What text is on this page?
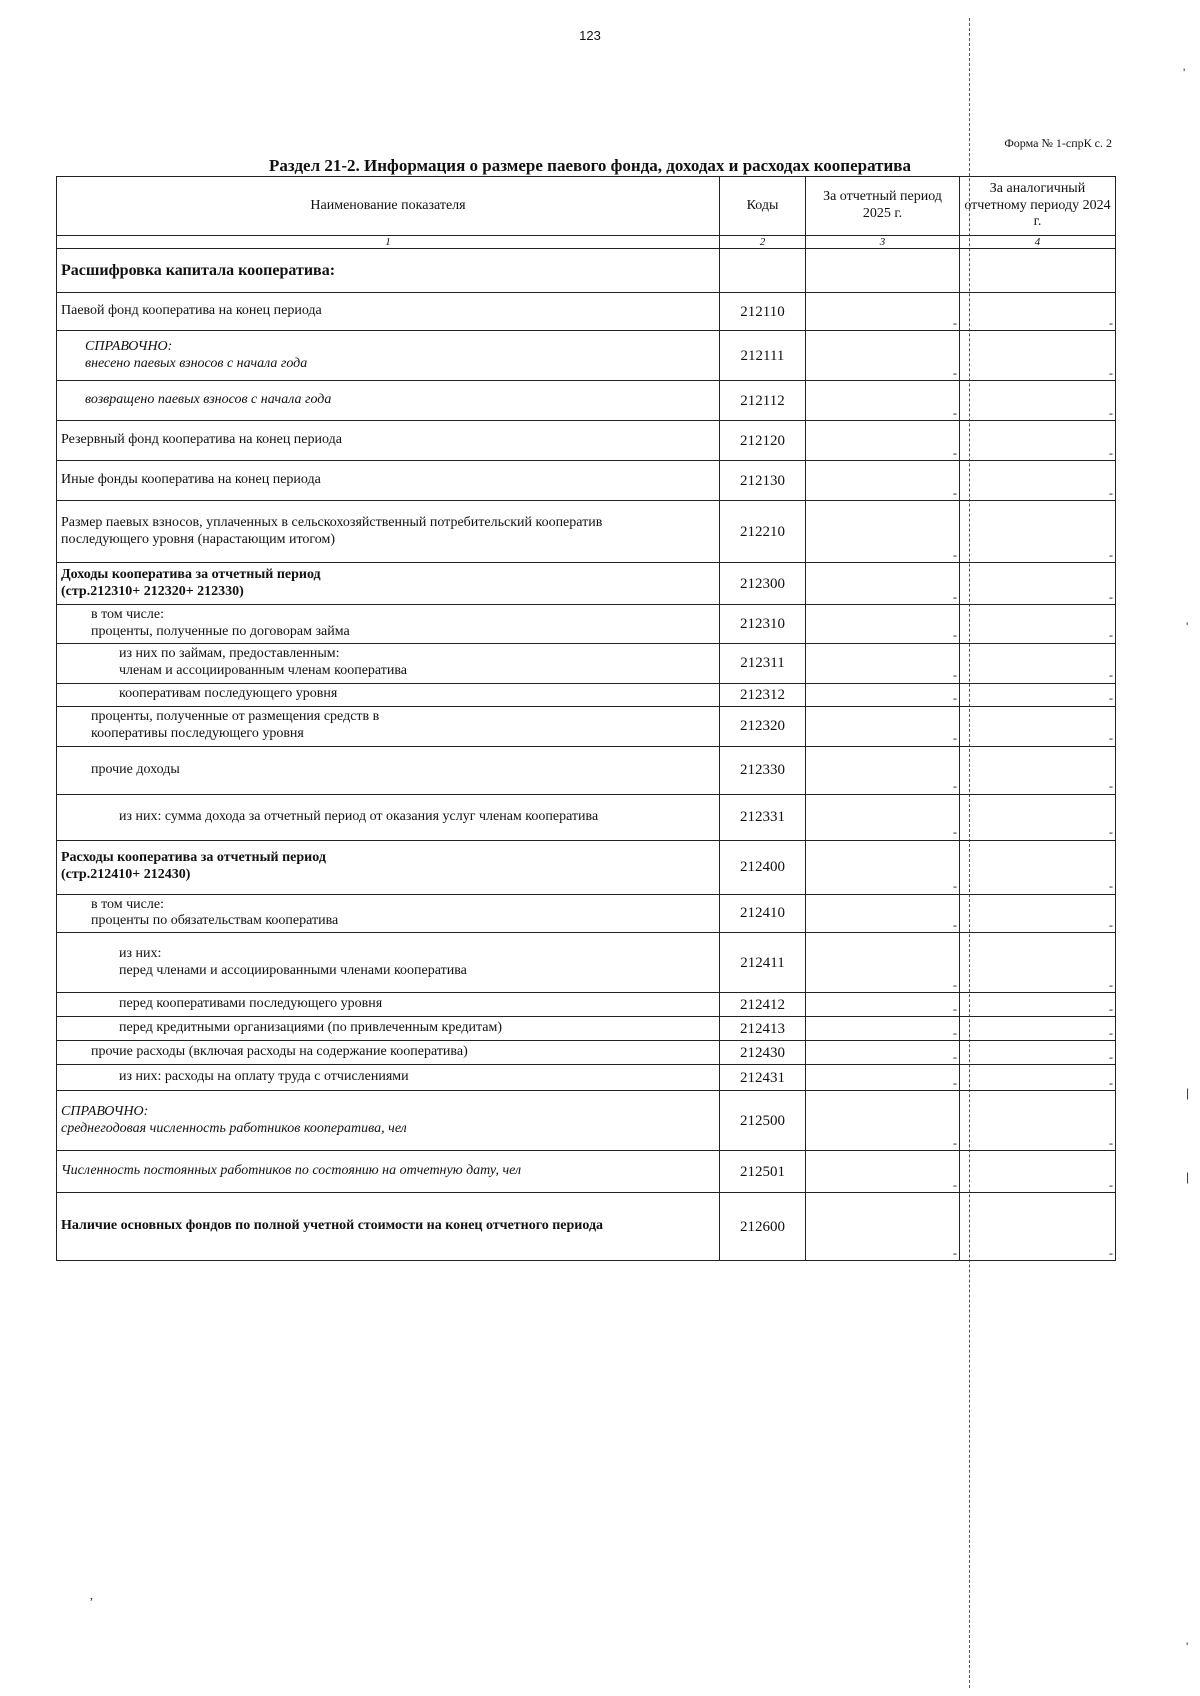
123
Форма № 1-спрК с. 2
Раздел 21-2. Информация о размере паевого фонда, доходах и расходах кооператива
'
'
|
|
'
Наименование показателя	Коды	За отчетный период 2025 г.	За аналогичный отчетному периоду 2024 г.
1	2	3	4
Расшифровка капитала кооператива:			

Паевой фонд кооператива на конец периода	212110	-	-

СПРАВОЧНО:
внесено паевых взносов с начала года	212111	-	-

возвращено паевых взносов с начала года	212112	-	-

Резервный фонд кооператива на конец периода	212120	-	-

Иные фонды кооператива на конец периода	212130	-	-

Размер паевых взносов, уплаченных в сельскохозяйственный потребительский кооператив
последующего уровня (нарастающим итогом)	212210	-	-

Доходы кооператива за отчетный период
(стр.212310+ 212320+ 212330)	212300	-	-

в том числе:
проценты, полученные по договорам займа	212310	-	-

из них по займам, предоставленным:
членам и ассоциированным членам кооператива	212311	-	-

кооперативам последующего уровня	212312	-	-

проценты, полученные от размещения средств в
кооперативы последующего уровня	212320	-	-

прочие доходы	212330	-	-

из них: сумма дохода за отчетный период от оказания услуг членам кооператива	212331	-	-

Расходы кооператива за отчетный период
(стр.212410+ 212430)	212400	-	-

в том числе:
проценты по обязательствам кооператива	212410	-	-

из них:
перед членами и ассоциированными членами кооператива	212411	-	-

перед кооперативами последующего уровня	212412	-	-

перед кредитными организациями (по привлеченным кредитам)	212413	-	-

прочие расходы (включая расходы на содержание кооператива)	212430	-	-

из них: расходы на оплату труда с отчислениями	212431	-	-

СПРАВОЧНО:
среднегодовая численность работников кооператива, чел	212500	-	-

Численность постоянных работников по состоянию на отчетную дату, чел	212501	-	-

Наличие основных фондов по полной учетной стоимости на конец отчетного периода	212600	-	-
,
